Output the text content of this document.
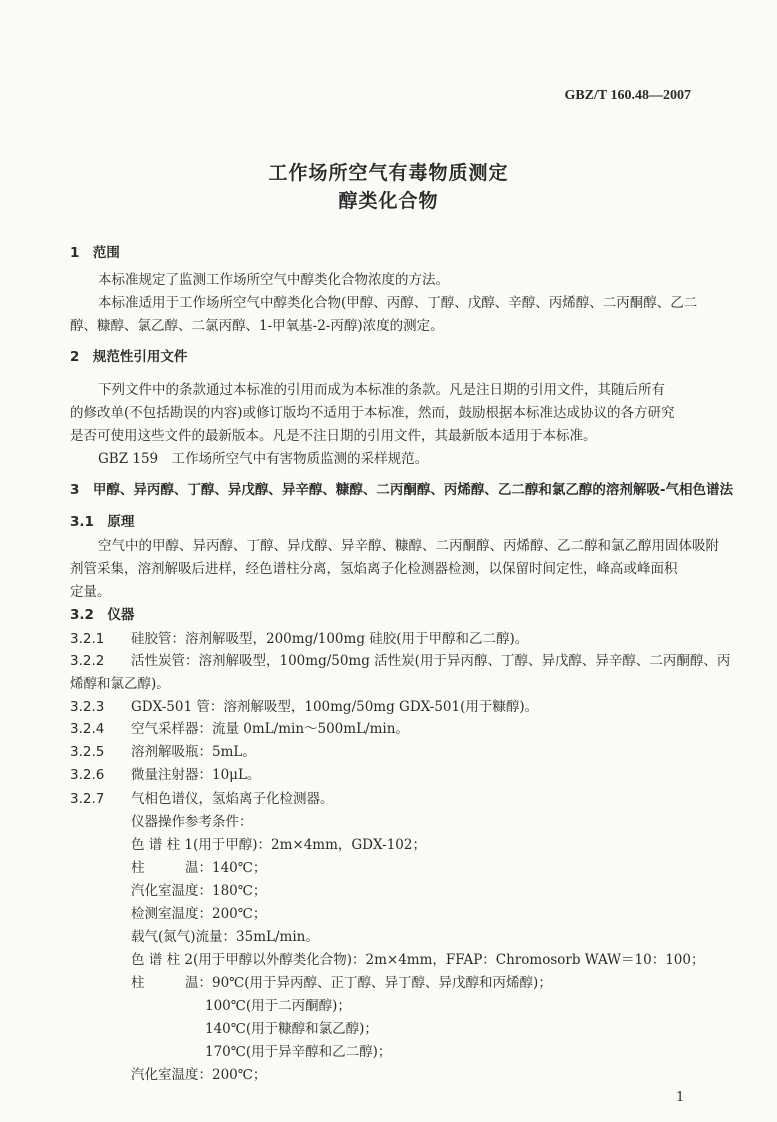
GBZ/T 160.48—2007
工作场所空气有毒物质测定
醇类化合物
1　 范围
本标准规定了监测工作场所空气中醇类化合物浓度的方法。
本标准适用于工作场所空气中醇类化合物(甲醇、丙醇、丁醇、戊醇、辛醇、丙烯醇、二丙酮醇、乙二
醇、糠醇、氯乙醇、二氯丙醇、1-甲氧基-2-丙醇)浓度的测定。
2　 规范性引用文件
下列文件中的条款通过本标准的引用而成为本标准的条款。凡是注日期的引用文件，其随后所有
的修改单(不包括勘误的内容)或修订版均不适用于本标准，然而，鼓励根据本标准达成协议的各方研究
是否可使用这些文件的最新版本。凡是不注日期的引用文件，其最新版本适用于本标准。
GBZ 159　工作场所空气中有害物质监测的采样规范。
3　 甲醇、异丙醇、丁醇、异戊醇、异辛醇、糠醇、二丙酮醇、丙烯醇、乙二醇和氯乙醇的溶剂解吸-气相色谱法
3.1　 原理
空气中的甲醇、异丙醇、丁醇、异戊醇、异辛醇、糠醇、二丙酮醇、丙烯醇、乙二醇和氯乙醇用固体吸附
剂管采集，溶剂解吸后进样，经色谱柱分离，氢焰离子化检测器检测，以保留时间定性，峰高或峰面积
定量。
3.2　 仪器
3.2.1 硅胶管：溶剂解吸型，200mg/100mg 硅胶(用于甲醇和乙二醇)。
3.2.2 活性炭管：溶剂解吸型，100mg/50mg 活性炭(用于异丙醇、丁醇、异戊醇、异辛醇、二丙酮醇、丙
烯醇和氯乙醇)。
3.2.3 GDX-501 管：溶剂解吸型，100mg/50mg GDX-501(用于糠醇)。
3.2.4 空气采样器：流量 0mL/min～500mL/min。
3.2.5 溶剂解吸瓶：5mL。
3.2.6 微量注射器：10μL。
3.2.7 气相色谱仪，氢焰离子化检测器。
仪器操作参考条件：
色 谱 柱 1(用于甲醇)：2m×4mm，GDX-102；
柱　　　温：140℃；
汽化室温度：180℃；
检测室温度：200℃；
载气(氮气)流量：35mL/min。
色 谱 柱 2(用于甲醇以外醇类化合物)：2m×4mm，FFAP：Chromosorb WAW＝10：100；
柱　　　温：90℃(用于异丙醇、正丁醇、异丁醇、异戊醇和丙烯醇)；
100℃(用于二丙酮醇)；
140℃(用于糠醇和氯乙醇)；
170℃(用于异辛醇和乙二醇)；
汽化室温度：200℃；
1
